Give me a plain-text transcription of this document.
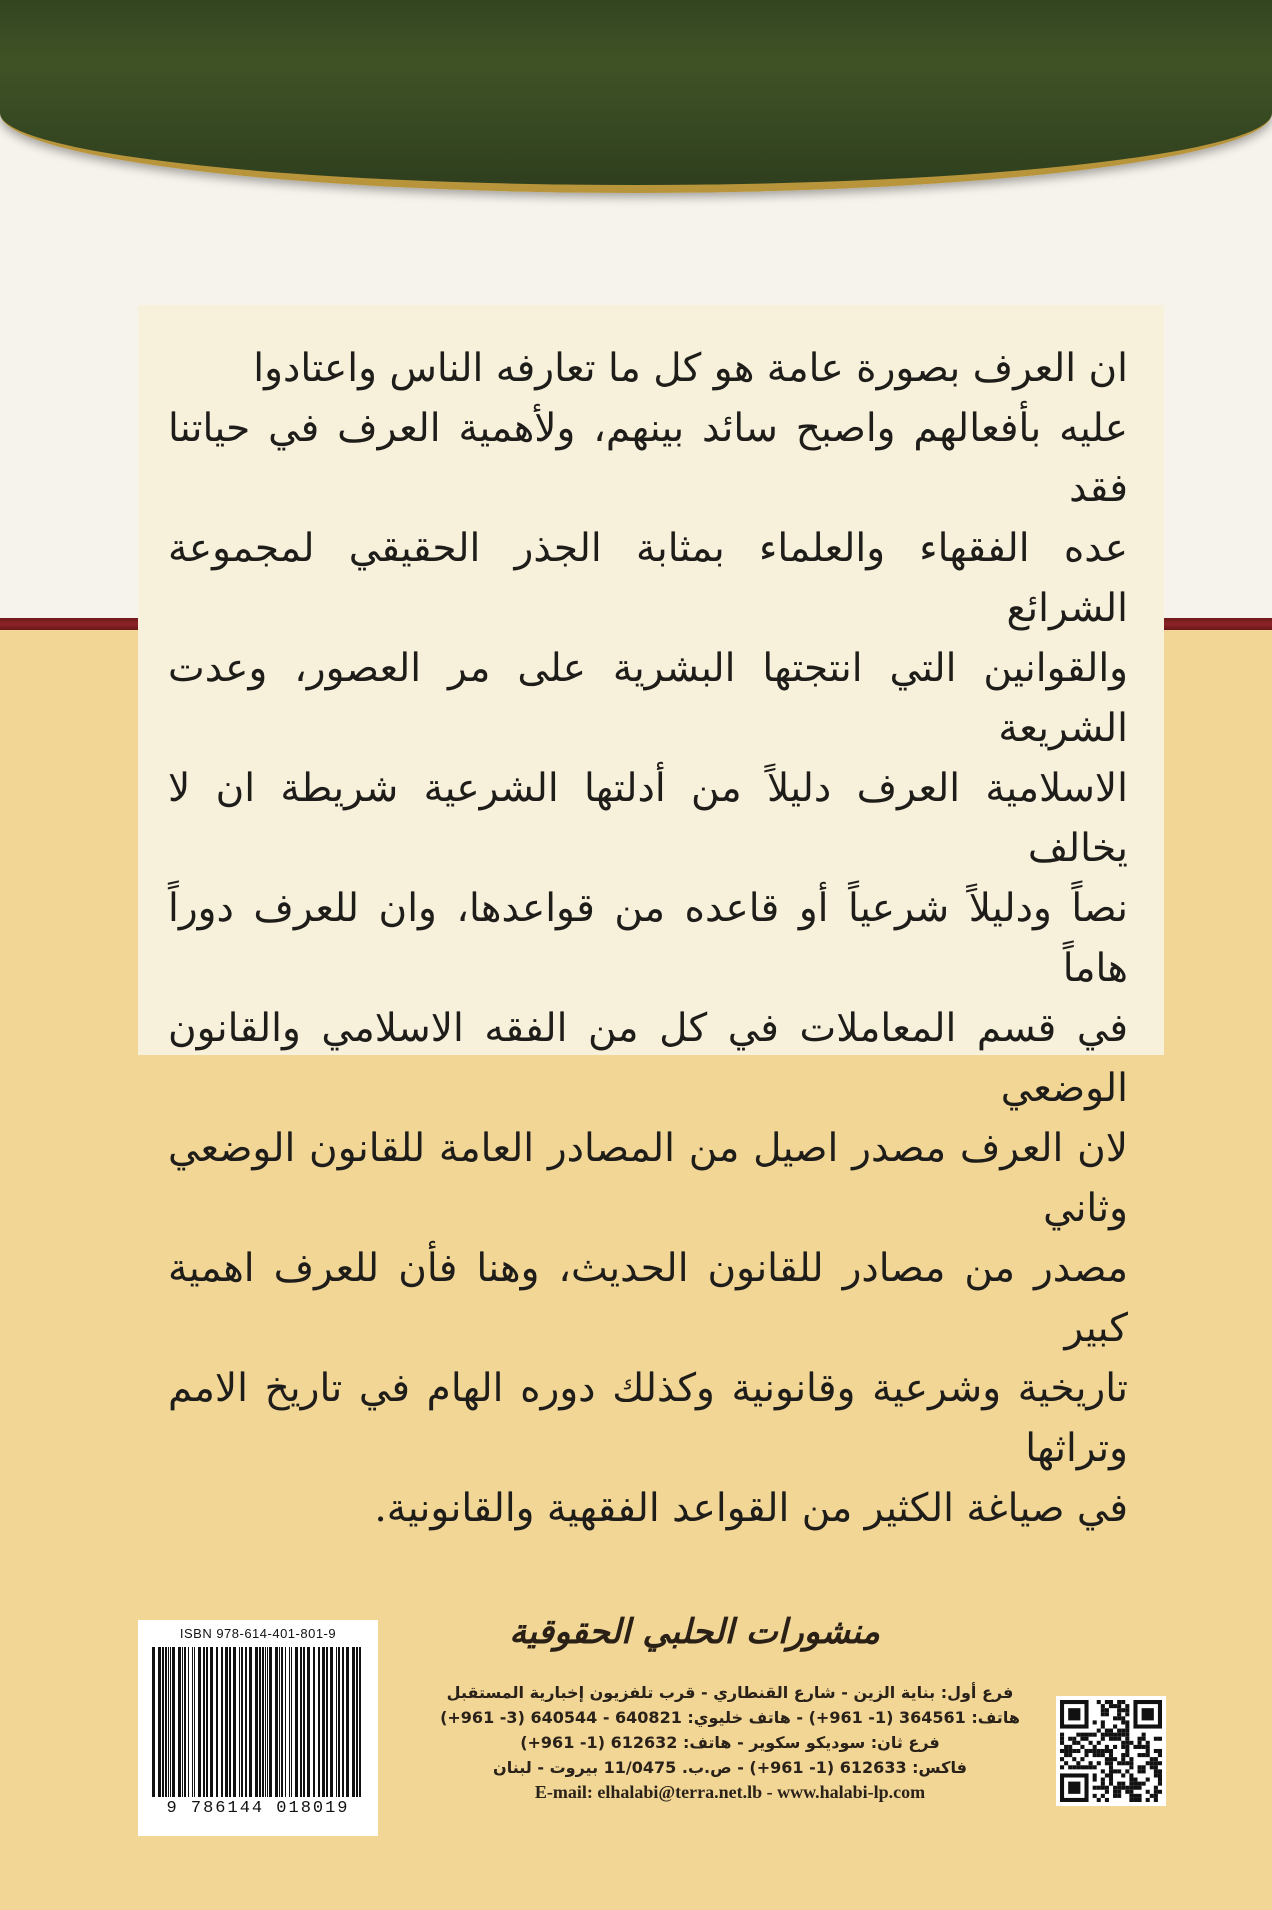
ان العرف بصورة عامة هو كل ما تعارفه الناس واعتادوا
عليه بأفعالهم واصبح سائد بينهم، ولأهمية العرف في حياتنا فقد
عده الفقهاء والعلماء بمثابة الجذر الحقيقي لمجموعة الشرائع
والقوانين التي انتجتها البشرية على مر العصور، وعدت الشريعة
الاسلامية العرف دليلاً من أدلتها الشرعية شريطة ان لا يخالف
نصاً ودليلاً شرعياً أو قاعده من قواعدها، وان للعرف دوراً هاماً
في قسم المعاملات في كل من الفقه الاسلامي والقانون الوضعي
لان العرف مصدر اصيل من المصادر العامة للقانون الوضعي وثاني
مصدر من مصادر للقانون الحديث، وهنا فأن للعرف اهمية كبير
تاريخية وشرعية وقانونية وكذلك دوره الهام في تاريخ الامم وتراثها
في صياغة الكثير من القواعد الفقهية والقانونية.

ISBN 978-614-401-801-9
9 786144 018019
منشورات الحلبي الحقوقية
فرع أول: بناية الزين - شارع القنطاري - قرب تلفزيون إخبارية المستقبل
هاتف: 364561 (1- 961+) - هاتف خليوي: 640821 - 640544 (3- 961+)
فرع ثان: سوديكو سكوير - هاتف: 612632 (1- 961+)
فاكس: 612633 (1- 961+) - ص.ب. 11/0475 بيروت - لبنان
E-mail: elhalabi@terra.net.lb - www.halabi-lp.com
